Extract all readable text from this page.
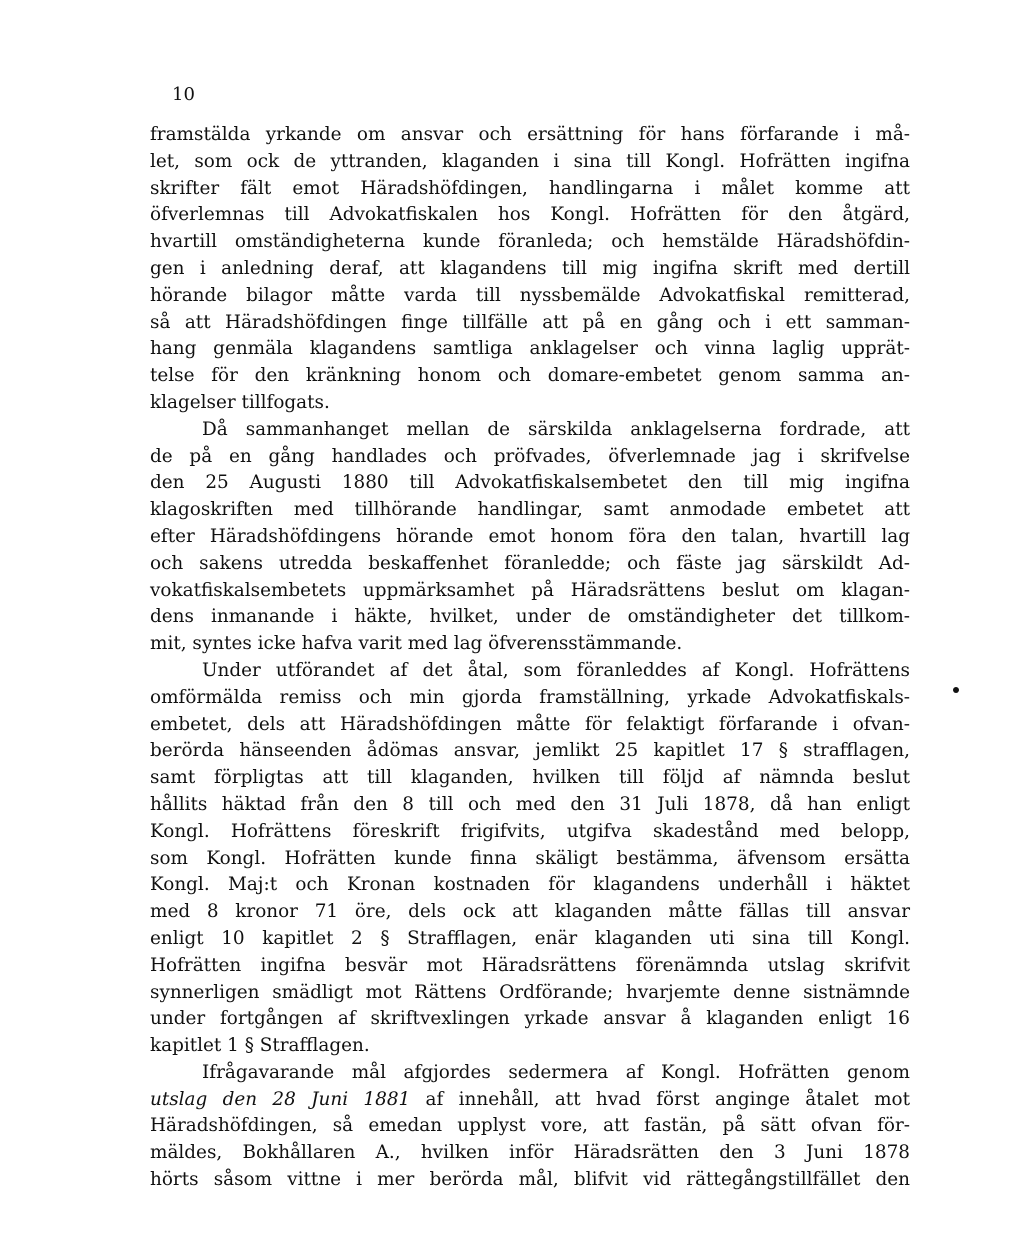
10
framstälda yrkande om ansvar och ersättning för hans förfarande i må-
let, som ock de yttranden, klaganden i sina till Kongl. Hofrätten ingifna
skrifter fält emot Häradshöfdingen, handlingarna i målet komme att
öfverlemnas till Advokatfiskalen hos Kongl. Hofrätten för den åtgärd,
hvartill omständigheterna kunde föranleda; och hemstälde Häradshöfdin-
gen i anledning deraf, att klagandens till mig ingifna skrift med dertill
hörande bilagor måtte varda till nyssbemälde Advokatfiskal remitterad,
så att Häradshöfdingen finge tillfälle att på en gång och i ett samman-
hang genmäla klagandens samtliga anklagelser och vinna laglig upprät-
telse för den kränkning honom och domare-embetet genom samma an-
klagelser tillfogats.
Då sammanhanget mellan de särskilda anklagelserna fordrade, att
de på en gång handlades och pröfvades, öfverlemnade jag i skrifvelse
den 25 Augusti 1880 till Advokatfiskalsembetet den till mig ingifna
klagoskriften med tillhörande handlingar, samt anmodade embetet att
efter Häradshöfdingens hörande emot honom föra den talan, hvartill lag
och sakens utredda beskaffenhet föranledde; och fäste jag särskildt Ad-
vokatfiskalsembetets uppmärksamhet på Häradsrättens beslut om klagan-
dens inmanande i häkte, hvilket, under de omständigheter det tillkom-
mit, syntes icke hafva varit med lag öfverensstämmande.
Under utförandet af det åtal, som föranleddes af Kongl. Hofrättens
omförmälda remiss och min gjorda framställning, yrkade Advokatfiskals-
embetet, dels att Häradshöfdingen måtte för felaktigt förfarande i ofvan-
berörda hänseenden ådömas ansvar, jemlikt 25 kapitlet 17 § strafflagen,
samt förpligtas att till klaganden, hvilken till följd af nämnda beslut
hållits häktad från den 8 till och med den 31 Juli 1878, då han enligt
Kongl. Hofrättens föreskrift frigifvits, utgifva skadestånd med belopp,
som Kongl. Hofrätten kunde finna skäligt bestämma, äfvensom ersätta
Kongl. Maj:t och Kronan kostnaden för klagandens underhåll i häktet
med 8 kronor 71 öre, dels ock att klaganden måtte fällas till ansvar
enligt 10 kapitlet 2 § Strafflagen, enär klaganden uti sina till Kongl.
Hofrätten ingifna besvär mot Häradsrättens förenämnda utslag skrifvit
synnerligen smädligt mot Rättens Ordförande; hvarjemte denne sistnämnde
under fortgången af skriftvexlingen yrkade ansvar å klaganden enligt 16
kapitlet 1 § Strafflagen.
Ifrågavarande mål afgjordes sedermera af Kongl. Hofrätten genom
utslag den 28 Juni 1881 af innehåll, att hvad först anginge åtalet mot
Häradshöfdingen, så emedan upplyst vore, att fastän, på sätt ofvan för-
mäldes, Bokhållaren A., hvilken inför Häradsrätten den 3 Juni 1878
hörts såsom vittne i mer berörda mål, blifvit vid rättegångstillfället den
